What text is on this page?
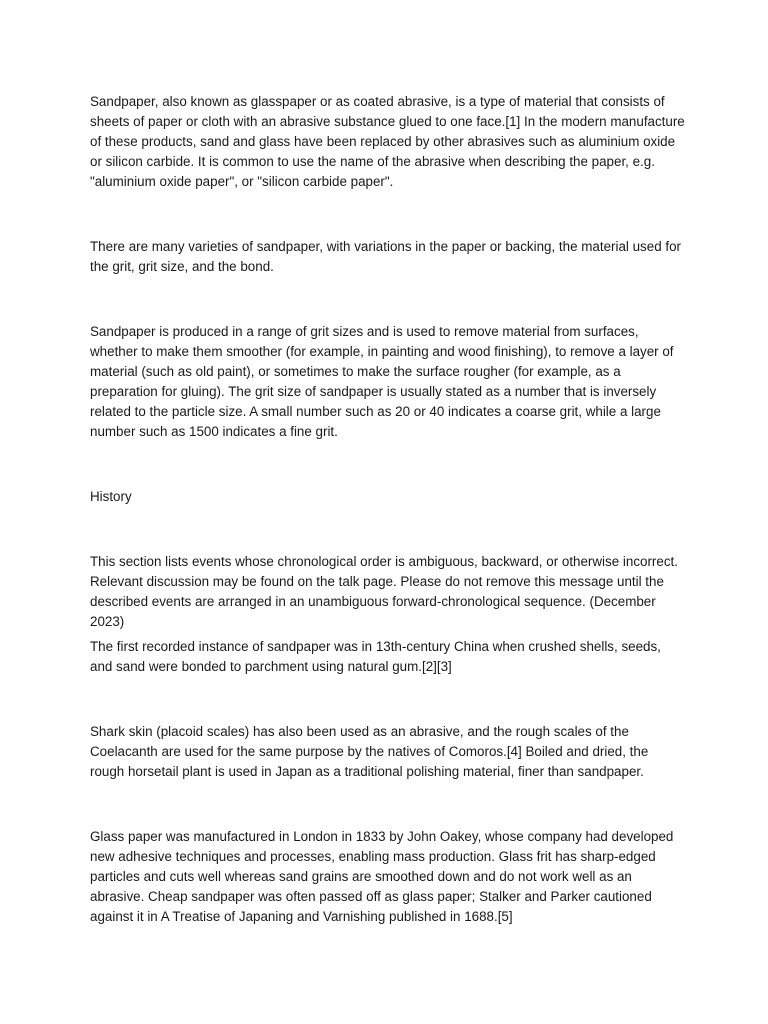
Sandpaper, also known as glasspaper or as coated abrasive, is a type of material that consists of sheets of paper or cloth with an abrasive substance glued to one face.[1] In the modern manufacture of these products, sand and glass have been replaced by other abrasives such as aluminium oxide or silicon carbide. It is common to use the name of the abrasive when describing the paper, e.g. "aluminium oxide paper", or "silicon carbide paper".

There are many varieties of sandpaper, with variations in the paper or backing, the material used for the grit, grit size, and the bond.

Sandpaper is produced in a range of grit sizes and is used to remove material from surfaces, whether to make them smoother (for example, in painting and wood finishing), to remove a layer of material (such as old paint), or sometimes to make the surface rougher (for example, as a preparation for gluing). The grit size of sandpaper is usually stated as a number that is inversely related to the particle size. A small number such as 20 or 40 indicates a coarse grit, while a large number such as 1500 indicates a fine grit.

History

This section lists events whose chronological order is ambiguous, backward, or otherwise incorrect. Relevant discussion may be found on the talk page. Please do not remove this message until the described events are arranged in an unambiguous forward-chronological sequence. (December 2023)

The first recorded instance of sandpaper was in 13th-century China when crushed shells, seeds, and sand were bonded to parchment using natural gum.[2][3]

Shark skin (placoid scales) has also been used as an abrasive, and the rough scales of the Coelacanth are used for the same purpose by the natives of Comoros.[4] Boiled and dried, the rough horsetail plant is used in Japan as a traditional polishing material, finer than sandpaper.

Glass paper was manufactured in London in 1833 by John Oakey, whose company had developed new adhesive techniques and processes, enabling mass production. Glass frit has sharp-edged particles and cuts well whereas sand grains are smoothed down and do not work well as an abrasive. Cheap sandpaper was often passed off as glass paper; Stalker and Parker cautioned against it in A Treatise of Japaning and Varnishing published in 1688.[5]
